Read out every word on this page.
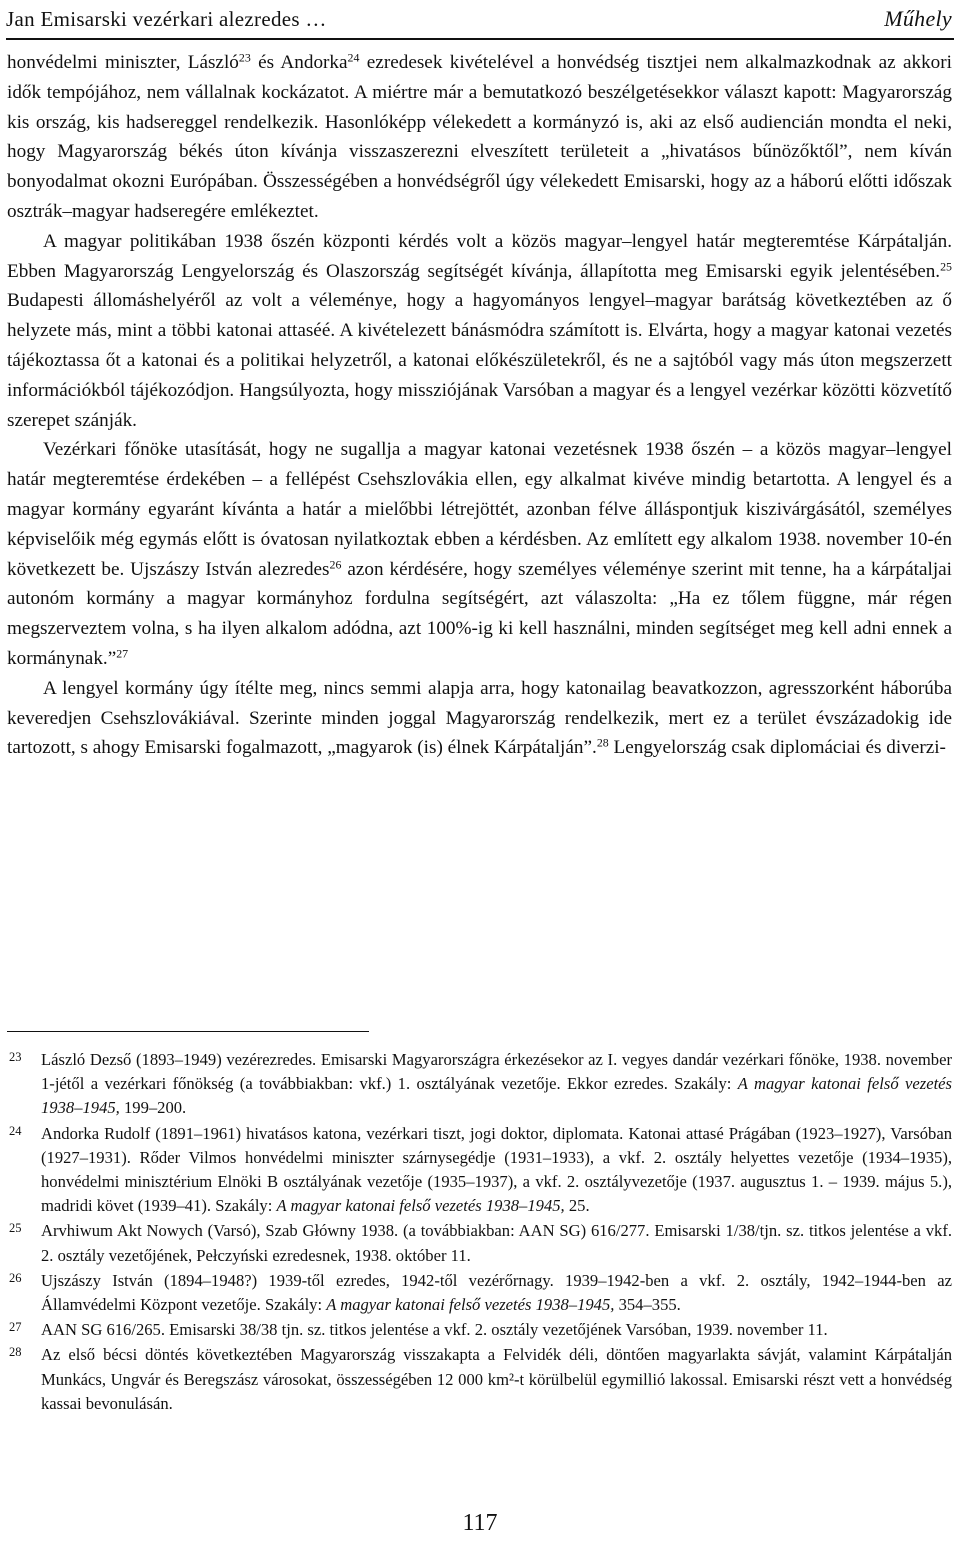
Jan Emisarski vezérkari alezredes …	Műhely

honvédelmi miniszter, László$^{23}$ és Andorka$^{24}$ ezredesek kivételével a honvédség tisztjei nem alkalmazkodnak az akkori idők tempójához, nem vállalnak kockázatot. A miértre már a bemutatkozó beszélgetésekkor választ kapott: Magyarország kis ország, kis hadsereggel rendelkezik. Hasonlóképp vélekedett a kormányzó is, aki az első audiencián mondta el neki, hogy Magyarország békés úton kívánja visszaszerezni elveszített területeit a „hivatásos bűnözőktől”, nem kíván bonyodalmat okozni Európában. Összességében a honvédségről úgy vélekedett Emisarski, hogy az a háború előtti időszak osztrák–magyar hadseregére emlékeztet.

A magyar politikában 1938 őszén központi kérdés volt a közös magyar–lengyel határ megteremtése Kárpátalján. Ebben Magyarország Lengyelország és Olaszország segítségét kívánja, állapította meg Emisarski egyik jelentésében.$^{25}$ Budapesti állomáshelyéről az volt a véleménye, hogy a hagyományos lengyel–magyar barátság következtében az ő helyzete más, mint a többi katonai attaséé. A kivételezett bánásmódra számított is. Elvárta, hogy a magyar katonai vezetés tájékoztassa őt a katonai és a politikai helyzetről, a katonai előkészületekről, és ne a sajtóból vagy más úton megszerzett információkból tájékozódjon. Hangsúlyozta, hogy missziójának Varsóban a magyar és a lengyel vezérkar közötti közvetítő szerepet szánják.

Vezérkari főnöke utasítását, hogy ne sugallja a magyar katonai vezetésnek 1938 őszén – a közös magyar–lengyel határ megteremtése érdekében – a fellépést Csehszlovákia ellen, egy alkalmat kivéve mindig betartotta. A lengyel és a magyar kormány egyaránt kívánta a határ a mielőbbi létrejöttét, azonban félve álláspontjuk kiszivárgásától, személyes képviselőik még egymás előtt is óvatosan nyilatkoztak ebben a kérdésben. Az említett egy alkalom 1938. november 10-én következett be. Ujszászy István alezredes$^{26}$ azon kérdésére, hogy személyes véleménye szerint mit tenne, ha a kárpátaljai autonóm kormány a magyar kormányhoz fordulna segítségért, azt válaszolta: „Ha ez tőlem függne, már régen megszerveztem volna, s ha ilyen alkalom adódna, azt 100%-ig ki kell használni, minden segítséget meg kell adni ennek a kormánynak.”$^{27}$

A lengyel kormány úgy ítélte meg, nincs semmi alapja arra, hogy katonailag beavatkozzon, agresszorként háborúba keveredjen Csehszlovákiával. Szerinte minden joggal Magyarország rendelkezik, mert ez a terület évszázadokig ide tartozott, s ahogy Emisarski fogalmazott, „magyarok (is) élnek Kárpátalján”.$^{28}$ Lengyelország csak diplomáciai és diverzi-

23	László Dezső (1893–1949) vezérezredes. Emisarski Magyarországra érkezésekor az I. vegyes dandár vezérkari főnöke, 1938. november 1-jétől a vezérkari főnökség (a továbbiakban: vkf.) 1. osztályának vezetője. Ekkor ezredes. Szakály: A magyar katonai felső vezetés 1938–1945, 199–200.
24	Andorka Rudolf (1891–1961) hivatásos katona, vezérkari tiszt, jogi doktor, diplomata. Katonai attasé Prágában (1923–1927), Varsóban (1927–1931). Rőder Vilmos honvédelmi miniszter szárnysegédje (1931–1933), a vkf. 2. osztály helyettes vezetője (1934–1935), honvédelmi minisztérium Elnöki B osztályának vezetője (1935–1937), a vkf. 2. osztályvezetője (1937. augusztus 1. – 1939. május 5.), madridi követ (1939–41). Szakály: A magyar katonai felső vezetés 1938–1945, 25.
25	Arvhiwum Akt Nowych (Varsó), Szab Główny 1938. (a továbbiakban: AAN SG) 616/277. Emisarski 1/38/tjn. sz. titkos jelentése a vkf. 2. osztály vezetőjének, Pełczyński ezredesnek, 1938. október 11.
26	Ujszászy István (1894–1948?) 1939-től ezredes, 1942-től vezérőrnagy. 1939–1942-ben a vkf. 2. osztály, 1942–1944-ben az Államvédelmi Központ vezetője. Szakály: A magyar katonai felső vezetés 1938–1945, 354–355.
27	AAN SG 616/265. Emisarski 38/38 tjn. sz. titkos jelentése a vkf. 2. osztály vezetőjének Varsóban, 1939. november 11.
28	Az első bécsi döntés következtében Magyarország visszakapta a Felvidék déli, döntően magyarlakta sávját, valamint Kárpátalján Munkács, Ungvár és Beregszász városokat, összességében 12 000 km²-t körülbelül egymillió lakossal. Emisarski részt vett a honvédség kassai bevonulásán.
117
